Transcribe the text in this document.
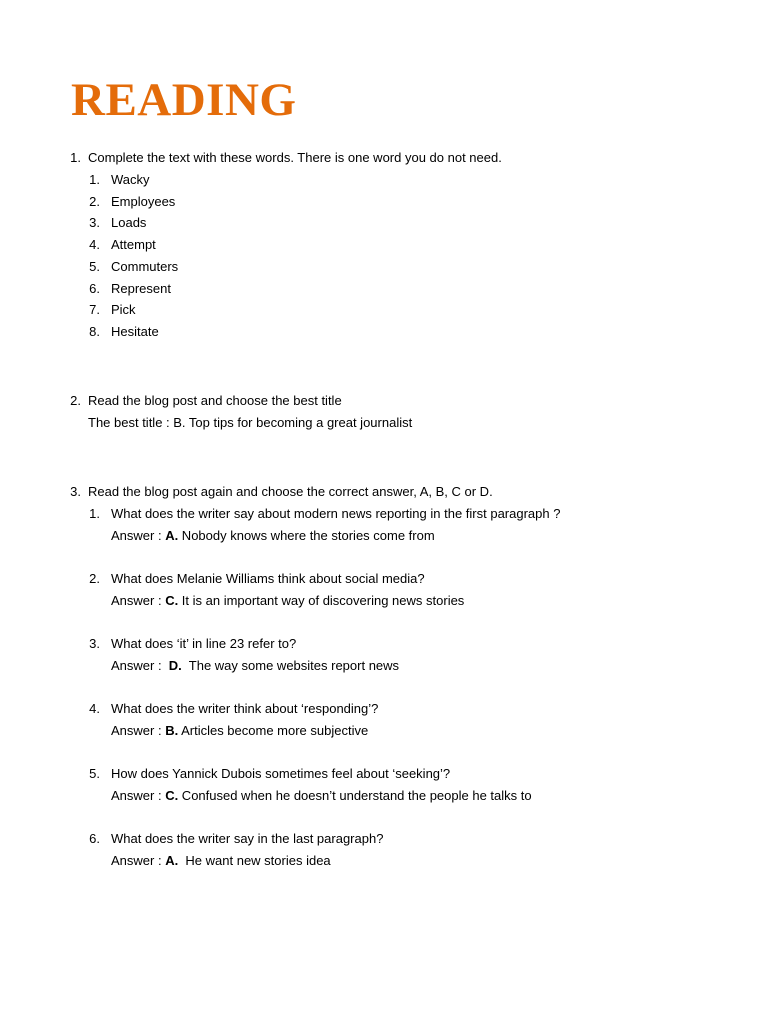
READING
1. Complete the text with these words. There is one word you do not need.
1. Wacky
2. Employees
3. Loads
4. Attempt
5. Commuters
6. Represent
7. Pick
8. Hesitate
2. Read the blog post and choose the best title
The best title : B. Top tips for becoming a great journalist
3. Read the blog post again and choose the correct answer, A, B, C or D.
1. What does the writer say about modern news reporting in the first paragraph ?
Answer : A. Nobody knows where the stories come from
2. What does Melanie Williams think about social media?
Answer : C. It is an important way of discovering news stories
3. What does ‘it’ in line 23 refer to?
Answer :  D.  The way some websites report news
4. What does the writer think about ‘responding’?
Answer : B. Articles become more subjective
5. How does Yannick Dubois sometimes feel about ‘seeking’?
Answer : C. Confused when he doesn’t understand the people he talks to
6. What does the writer say in the last paragraph?
Answer : A.  He want new stories idea
